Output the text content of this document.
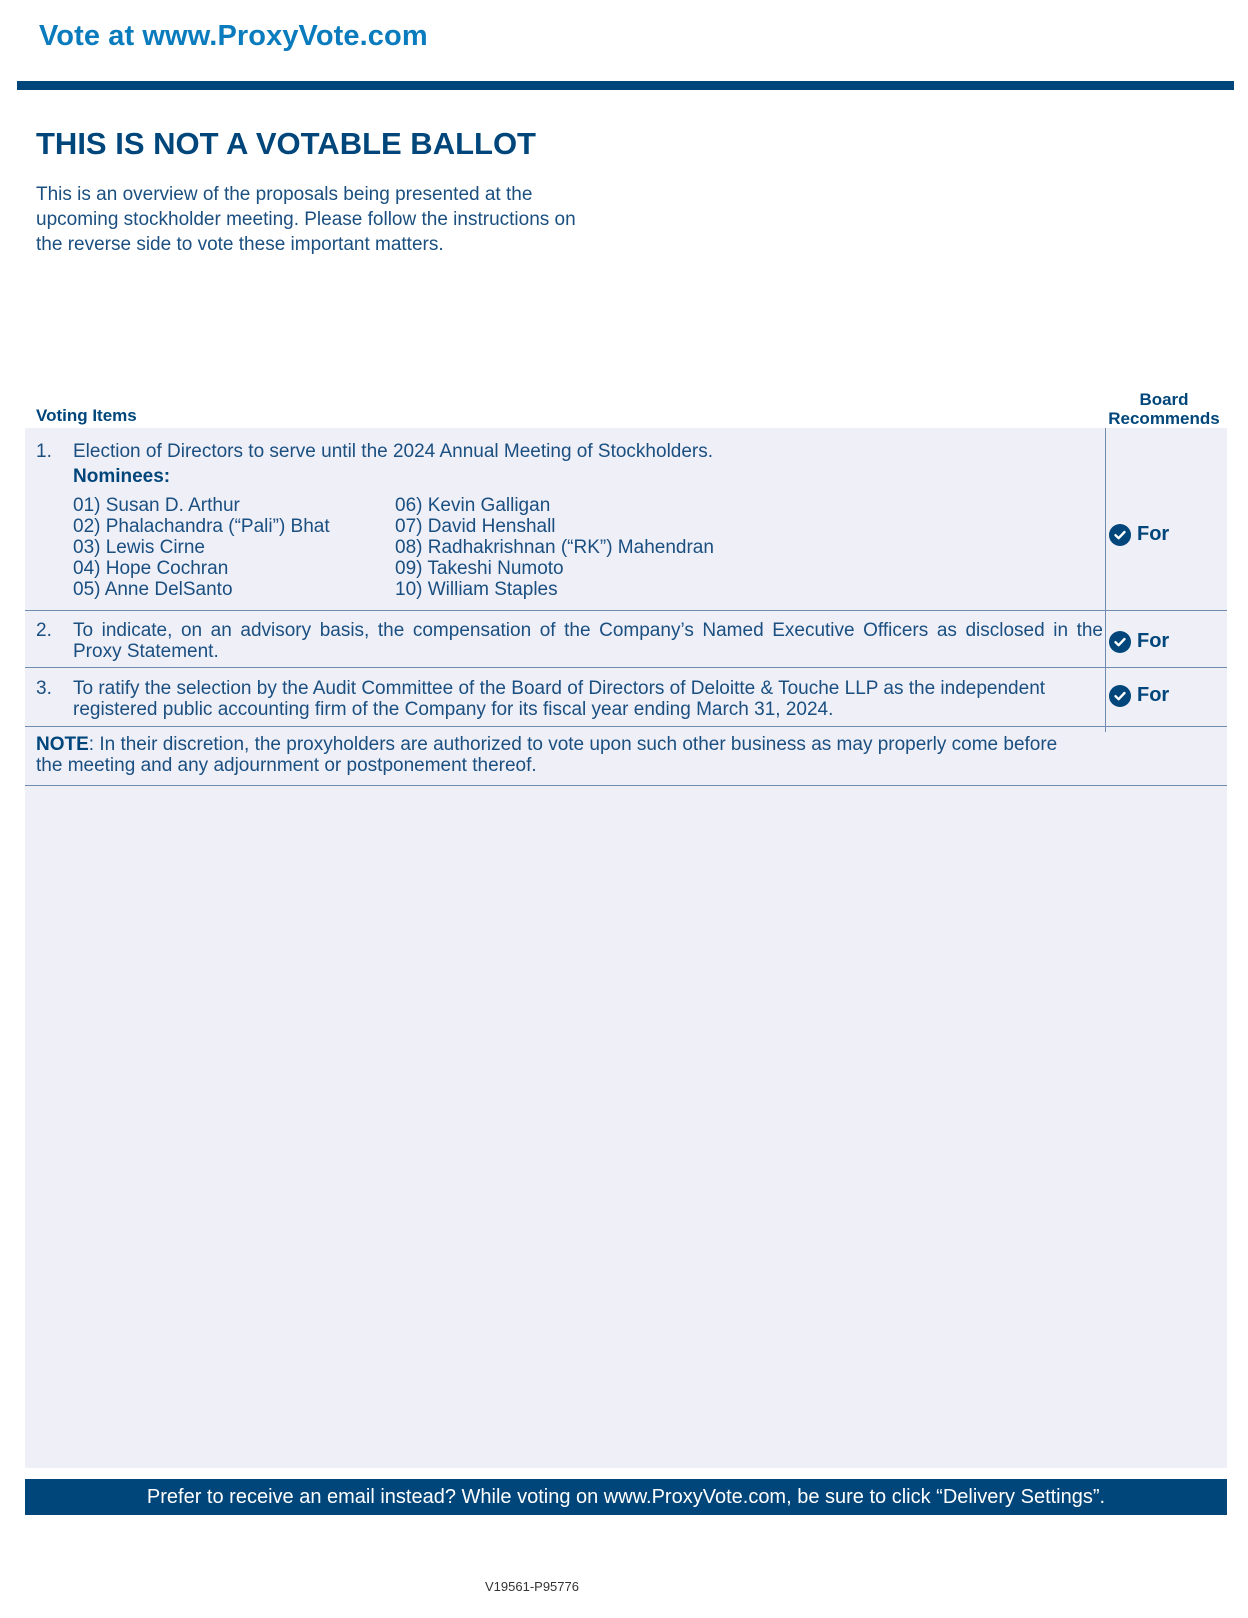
Vote at www.ProxyVote.com
THIS IS NOT A VOTABLE BALLOT
This is an overview of the proposals being presented at the
upcoming stockholder meeting. Please follow the instructions on
the reverse side to vote these important matters.
Voting Items
Board
Recommends
1. Election of Directors to serve until the 2024 Annual Meeting of Stockholders.
Nominees:
01) Susan D. Arthur
02) Phalachandra (“Pali”) Bhat
03) Lewis Cirne
04) Hope Cochran
05) Anne DelSanto
06) Kevin Galligan
07) David Henshall
08) Radhakrishnan (“RK”) Mahendran
09) Takeshi Numoto
10) William Staples
For
2. To indicate, on an advisory basis, the compensation of the Company’s Named Executive Officers as disclosed in the
Proxy Statement.	For
3. To ratify the selection by the Audit Committee of the Board of Directors of Deloitte & Touche LLP as the independent
registered public accounting firm of the Company for its fiscal year ending March 31, 2024.
For
NOTE: In their discretion, the proxyholders are authorized to vote upon such other business as may properly come before
the meeting and any adjournment or postponement thereof.
Prefer to receive an email instead? While voting on www.ProxyVote.com, be sure to click “Delivery Settings”.
V19561-P95776
